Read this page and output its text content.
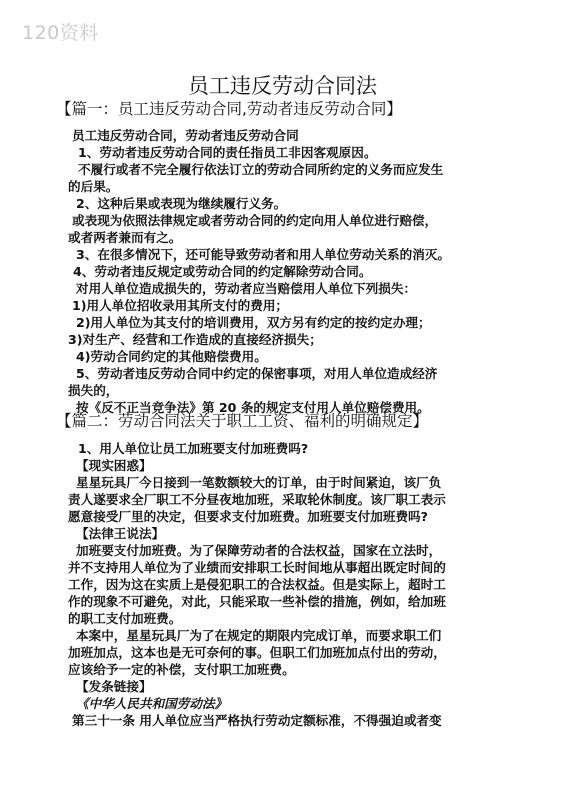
120资料
员工违反劳动合同法
【篇一：员工违反劳动合同,劳动者违反劳动合同】
员工违反劳动合同，劳动者违反劳动合同
1、劳动者违反劳动合同的责任指员工非因客观原因。
不履行或者不完全履行依法订立的劳动合同所约定的义务而应发生
的后果。
2、这种后果或表现为继续履行义务。
或表现为依照法律规定或者劳动合同的约定向用人单位进行赔偿，
或者两者兼而有之。
3、在很多情况下，还可能导致劳动者和用人单位劳动关系的消灭。
4、劳动者违反规定或劳动合同的约定解除劳动合同。
对用人单位造成损失的，劳动者应当赔偿用人单位下列损失：
1)用人单位招收录用其所支付的费用；
2)用人单位为其支付的培训费用，双方另有约定的按约定办理；
3)对生产、经营和工作造成的直接经济损失；
4)劳动合同约定的其他赔偿费用。
5、劳动者违反劳动合同中约定的保密事项，对用人单位造成经济
损失的，
按《反不正当竞争法》第 20 条的规定支付用人单位赔偿费用。
【篇二：劳动合同法关于职工工资、福利的明确规定】
1、用人单位让员工加班要支付加班费吗?
【现实困惑】
星星玩具厂今日接到一笔数额较大的订单，由于时间紧迫，该厂负
责人遂要求全厂职工不分昼夜地加班，采取轮休制度。该厂职工表示
愿意接受厂里的决定，但要求支付加班费。加班要支付加班费吗?
【法律王说法】
加班要支付加班费。为了保障劳动者的合法权益，国家在立法时，
并不支持用人单位为了业绩而安排职工长时间地从事超出既定时间的
工作，因为这在实质上是侵犯职工的合法权益。但是实际上，超时工
作的现象不可避免，对此，只能采取一些补偿的措施，例如，给加班
的职工支付加班费。
本案中，星星玩具厂为了在规定的期限内完成订单，而要求职工们
加班加点，这本也是无可奈何的事。但职工们加班加点付出的劳动，
应该给予一定的补偿，支付职工加班费。
【发条链接】
《中华人民共和国劳动法》
第三十一条 用人单位应当严格执行劳动定额标准，不得强迫或者变
